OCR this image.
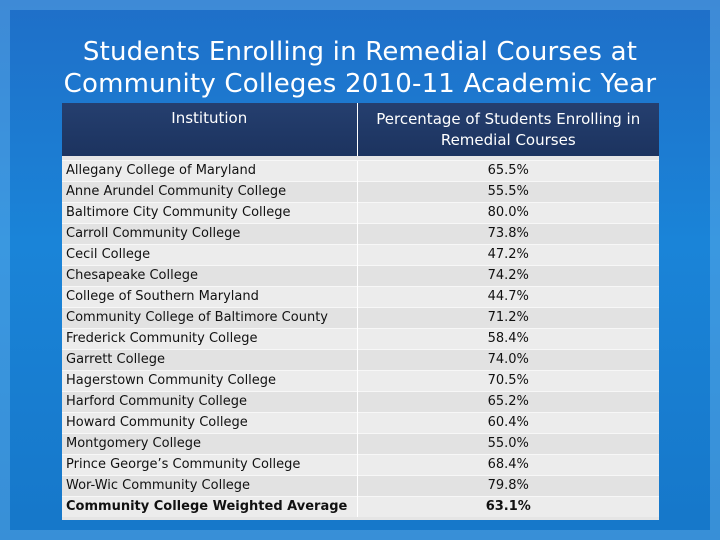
Students Enrolling in Remedial Courses at
Community Colleges 2010-11 Academic Year
Institution	Percentage of Students Enrolling in Remedial Courses

Allegany College of Maryland	65.5%
Anne Arundel Community College	55.5%
Baltimore City Community College	80.0%
Carroll Community College	73.8%
Cecil College	47.2%
Chesapeake College	74.2%
College of Southern Maryland	44.7%
Community College of Baltimore County	71.2%
Frederick Community College	58.4%
Garrett College	74.0%
Hagerstown Community College	70.5%
Harford Community College	65.2%
Howard Community College	60.4%
Montgomery College	55.0%
Prince George’s Community College	68.4%
Wor-Wic Community College	79.8%
Community College Weighted Average	63.1%
